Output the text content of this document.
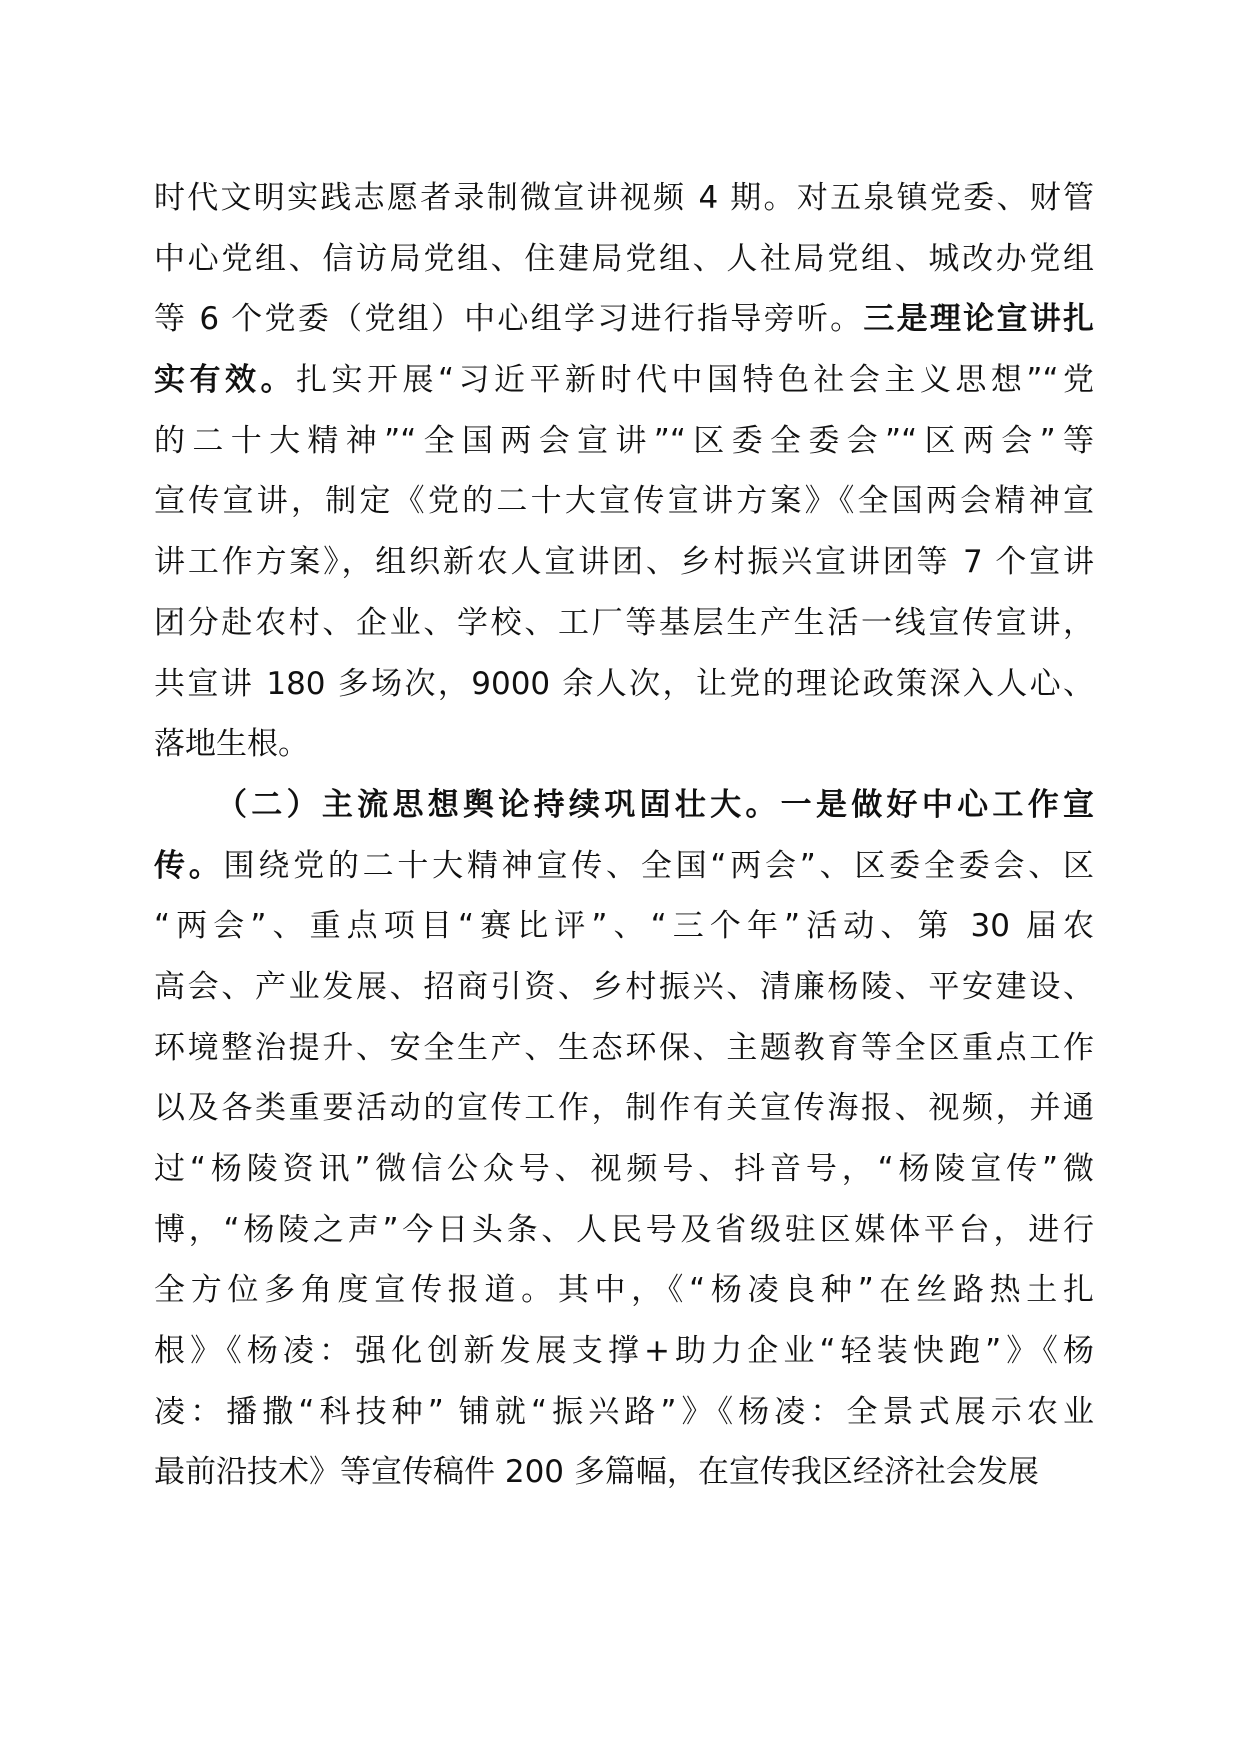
时代文明实践志愿者录制微宣讲视频 4 期。对五泉镇党委、财管
中心党组、信访局党组、住建局党组、人社局党组、城改办党组
等 6 个党委（党组）中心组学习进行指导旁听。三是理论宣讲扎
实有效。扎实开展“习近平新时代中国特色社会主义思想”“党
的二十大精神”“全国两会宣讲”“区委全委会”“区两会”等
宣传宣讲，制定《党的二十大宣传宣讲方案》《全国两会精神宣
讲工作方案》，组织新农人宣讲团、乡村振兴宣讲团等 7 个宣讲
团分赴农村、企业、学校、工厂等基层生产生活一线宣传宣讲，
共宣讲 180 多场次，9000 余人次，让党的理论政策深入人心、
落地生根。
（二）主流思想舆论持续巩固壮大。一是做好中心工作宣
传。围绕党的二十大精神宣传、全国“两会”、区委全委会、区
“两会”、重点项目“赛比评”、“三个年”活动、第 30 届农
高会、产业发展、招商引资、乡村振兴、清廉杨陵、平安建设、
环境整治提升、安全生产、生态环保、主题教育等全区重点工作
以及各类重要活动的宣传工作，制作有关宣传海报、视频，并通
过“杨陵资讯”微信公众号、视频号、抖音号，“杨陵宣传”微
博，“杨陵之声”今日头条、人民号及省级驻区媒体平台，进行
全方位多角度宣传报道。其中，《“杨凌良种”在丝路热土扎
根》《杨凌：强化创新发展支撑+助力企业“轻装快跑”》《杨
凌：播撒“科技种” 铺就“振兴路”》《杨凌：全景式展示农业
最前沿技术》等宣传稿件 200 多篇幅，在宣传我区经济社会发展
